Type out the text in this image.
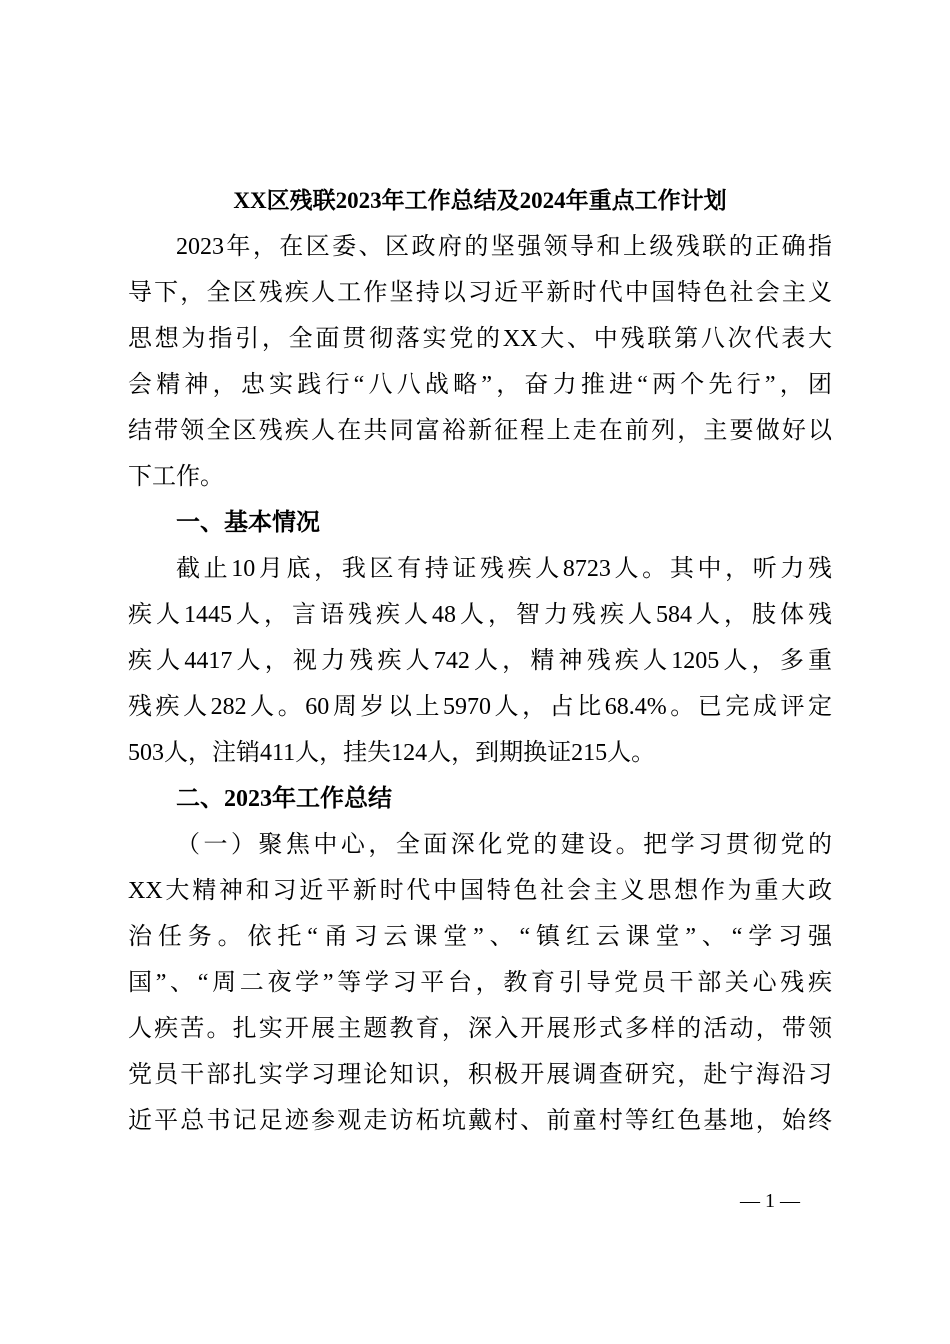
XX区残联2023年工作总结及2024年重点工作计划
2023年，在区委、区政府的坚强领导和上级残联的正确指
导下，全区残疾人工作坚持以习近平新时代中国特色社会主义
思想为指引，全面贯彻落实党的XX大、中残联第八次代表大
会精神，忠实践行“八八战略”，奋力推进“两个先行”，团
结带领全区残疾人在共同富裕新征程上走在前列，主要做好以
下工作。
一、基本情况
截止10月底，我区有持证残疾人8723人。其中，听力残
疾人1445人，言语残疾人48人，智力残疾人584人，肢体残
疾人4417人，视力残疾人742人，精神残疾人1205人，多重
残疾人282人。60周岁以上5970人，占比68.4%。已完成评定
503人，注销411人，挂失124人，到期换证215人。
二、2023年工作总结
（一）聚焦中心，全面深化党的建设。把学习贯彻党的
XX大精神和习近平新时代中国特色社会主义思想作为重大政
治任务。依托“甬习云课堂”、“镇红云课堂”、“学习强
国”、“周二夜学”等学习平台，教育引导党员干部关心残疾
人疾苦。扎实开展主题教育，深入开展形式多样的活动，带领
党员干部扎实学习理论知识，积极开展调查研究，赴宁海沿习
近平总书记足迹参观走访柘坑戴村、前童村等红色基地，始终
— 1 —
